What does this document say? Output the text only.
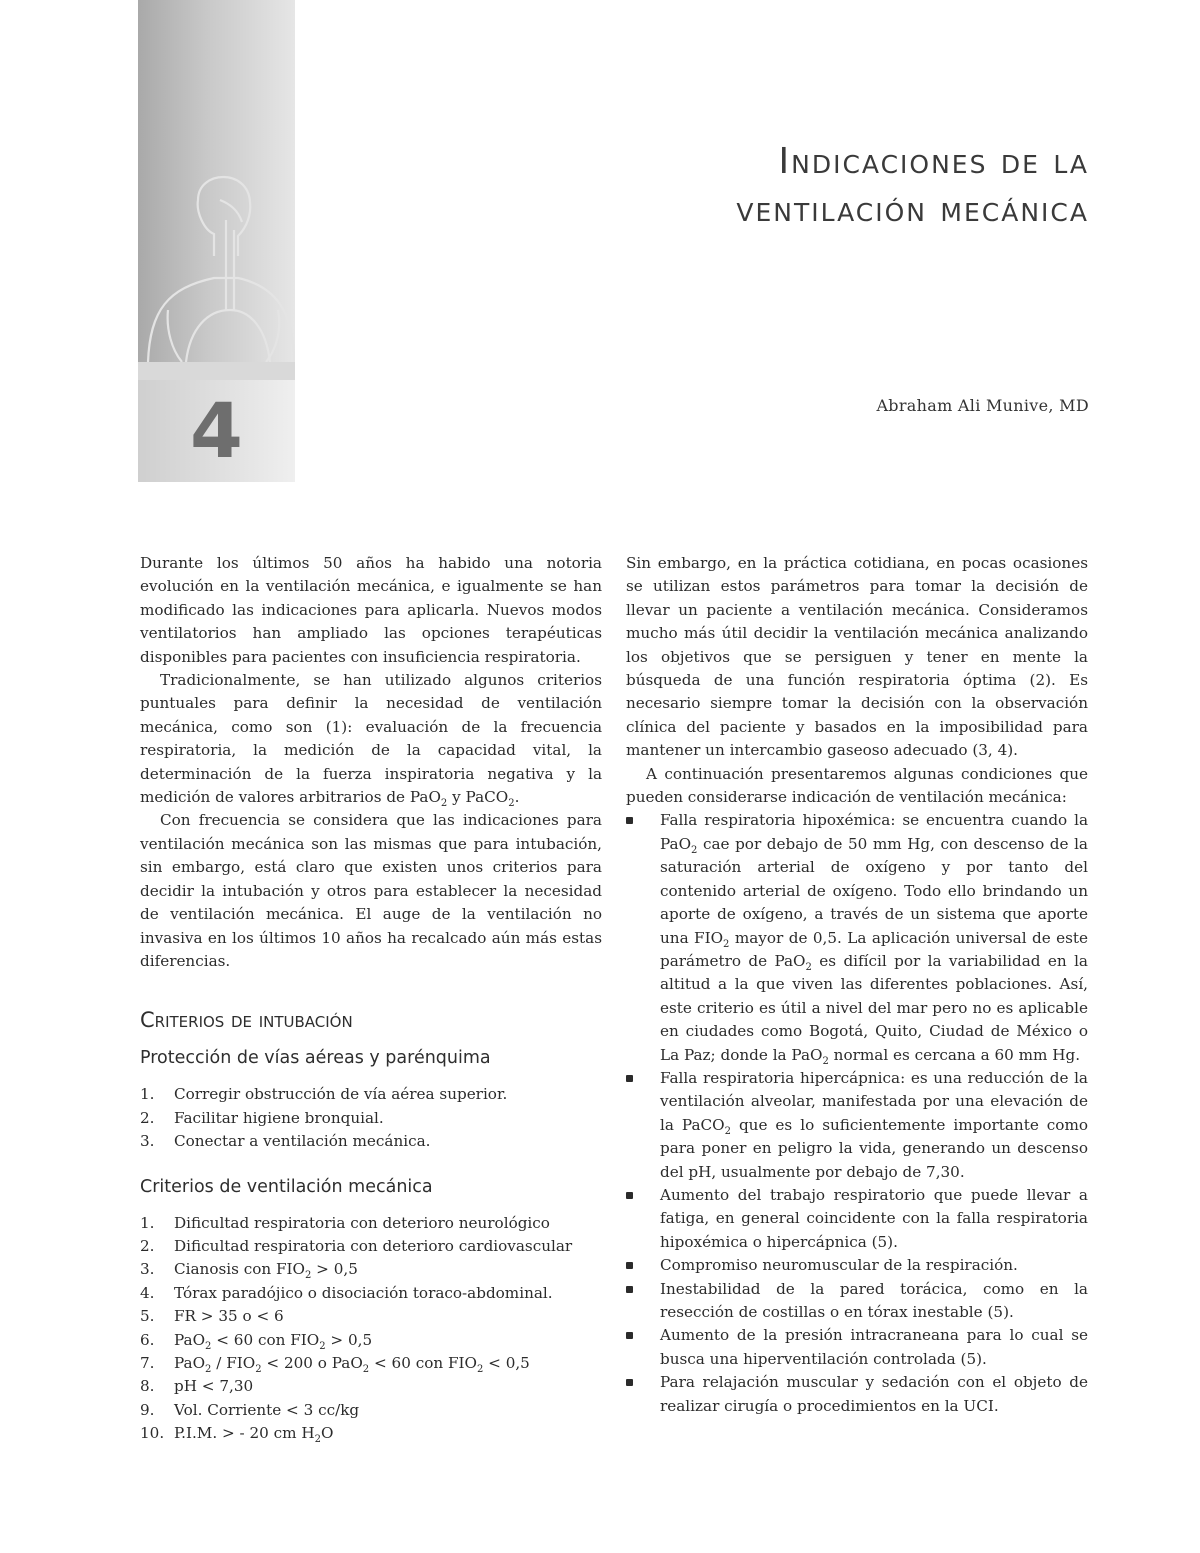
4
Indicaciones de la
ventilación mecánica
Abraham Ali Munive, MD

Durante los últimos 50 años ha habido una notoria evolución en la ventilación mecánica, e igualmente se han modificado las indicaciones para aplicarla. Nuevos modos ventilatorios han ampliado las opciones terapéuticas disponibles para pacientes con insuficiencia respiratoria.

Tradicionalmente, se han utilizado algunos criterios puntuales para definir la necesidad de ventilación mecánica, como son (1): evaluación de la frecuencia respiratoria, la medición de la capacidad vital, la determinación de la fuerza inspiratoria negativa y la medición de valores arbitrarios de PaO$_2$ y PaCO$_2$.

Con frecuencia se considera que las indicaciones para ventilación mecánica son las mismas que para intubación, sin embargo, está claro que existen unos criterios para decidir la intubación y otros para establecer la necesidad de ventilación mecánica. El auge de la ventilación no invasiva en los últimos 10 años ha recalcado aún más estas diferencias.

Criterios de intubación
Protección de vías aéreas y parénquima
1. Corregir obstrucción de vía aérea superior.
2. Facilitar higiene bronquial.
3. Conectar a ventilación mecánica.
Criterios de ventilación mecánica
1. Dificultad respiratoria con deterioro neurológico
2. Dificultad respiratoria con deterioro cardiovascular
3. Cianosis con $FIO_2 > 0,5$
4. Tórax paradójico o disociación toraco-abdominal.
5. FR > 35 o < 6
6. PaO$_2$ < 60 con $FIO_2 > 0,5$
7. $PaO_2 / FIO_2 < 200$ o PaO$_2$ < 60 con $FIO_2 < 0,5$
8. pH < 7,30
9. Vol. Corriente < 3 cc/kg
10. P.I.M. > - 20 cm $H_2O$

Sin embargo, en la práctica cotidiana, en pocas ocasiones se utilizan estos parámetros para tomar la decisión de llevar un paciente a ventilación mecánica. Consideramos mucho más útil decidir la ventilación mecánica analizando los objetivos que se persiguen y tener en mente la búsqueda de una función respiratoria óptima (2). Es necesario siempre tomar la decisión con la observación clínica del paciente y basados en la imposibilidad para mantener un intercambio gaseoso adecuado (3, 4).

A continuación presentaremos algunas condiciones que pueden considerarse indicación de ventilación mecánica:

Falla respiratoria hipoxémica: se encuentra cuando la PaO$_2$ cae por debajo de 50 mm Hg, con descenso de la saturación arterial de oxígeno y por tanto del contenido arterial de oxígeno. Todo ello brindando un aporte de oxígeno, a través de un sistema que aporte una $FIO_2$ mayor de 0,5. La aplicación universal de este parámetro de PaO$_2$ es difícil por la variabilidad en la altitud a la que viven las diferentes poblaciones. Así, este criterio es útil a nivel del mar pero no es aplicable en ciudades como Bogotá, Quito, Ciudad de México o La Paz; donde la PaO$_2$ normal es cercana a 60 mm Hg.
Falla respiratoria hipercápnica: es una reducción de la ventilación alveolar, manifestada por una elevación de la PaCO$_2$ que es lo suficientemente importante como para poner en peligro la vida, generando un descenso del pH, usualmente por debajo de 7,30.
Aumento del trabajo respiratorio que puede llevar a fatiga, en general coincidente con la falla respiratoria hipoxémica o hipercápnica (5).
Compromiso neuromuscular de la respiración.
Inestabilidad de la pared torácica, como en la resección de costillas o en tórax inestable (5).
Aumento de la presión intracraneana para lo cual se busca una hiperventilación controlada (5).
Para relajación muscular y sedación con el objeto de realizar cirugía o procedimientos en la UCI.
